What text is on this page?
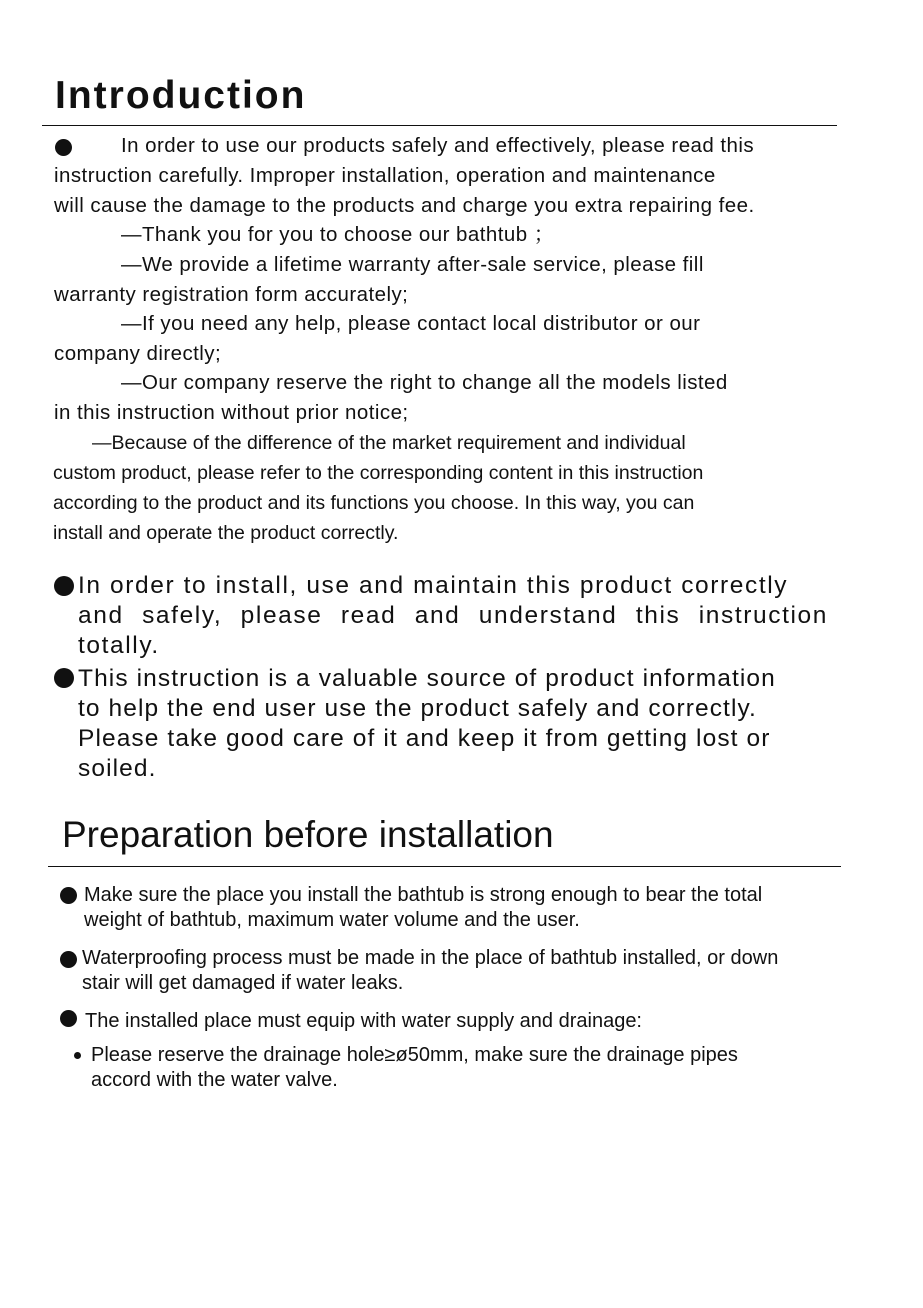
Introduction
In order to use our products safely and effectively, please read this
instruction carefully. Improper installation, operation and maintenance
will cause the damage to the products and charge you extra repairing fee.
—Thank you for you to choose our bathtub ；
—We provide a lifetime warranty after-sale service, please fill
warranty registration form accurately;
—If you need any help, please contact local distributor or our
company directly;
—Our company reserve the right to change all the models listed
in this instruction without prior notice;
—Because of the difference of the market requirement and individual
custom product, please refer to the corresponding content in this instruction
according to the product and its functions you choose. In this way, you can
install and operate the product correctly.
In order to install, use and maintain this product correctly
and safely, please read and understand this instruction
totally.
This instruction is a valuable source of product information
to help the end user use the product safely and correctly.
Please take good care of it and keep it from getting lost or
soiled.
Preparation before installation
Make sure the place you install the bathtub is strong enough to bear the total
weight of bathtub, maximum water volume and the user.
Waterproofing process must be made in the place of bathtub installed, or down
stair will get damaged if water leaks.
The installed place must equip with water supply and drainage:
Please reserve the drainage hole≥ø50mm, make sure the drainage pipes
accord with the water valve.
